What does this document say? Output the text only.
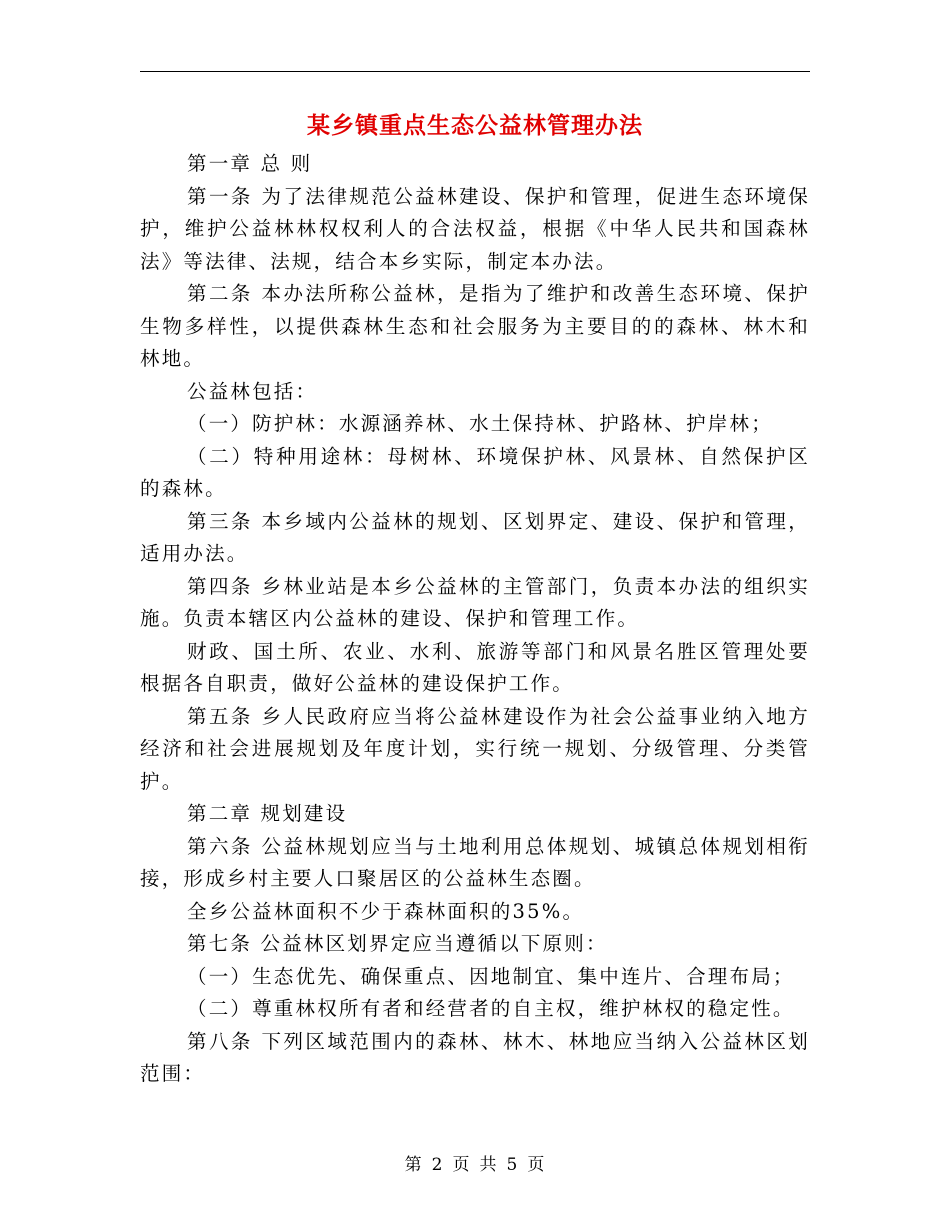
某乡镇重点生态公益林管理办法

第一章 总 则

第一条 为了法律规范公益林建设、保护和管理，促进生态环境保护，维护公益林林权权利人的合法权益，根据《中华人民共和国森林法》等法律、法规，结合本乡实际，制定本办法。

第二条 本办法所称公益林，是指为了维护和改善生态环境、保护生物多样性，以提供森林生态和社会服务为主要目的的森林、林木和林地。

公益林包括：

（一）防护林：水源涵养林、水土保持林、护路林、护岸林；

（二）特种用途林：母树林、环境保护林、风景林、自然保护区的森林。

第三条 本乡域内公益林的规划、区划界定、建设、保护和管理，适用办法。

第四条 乡林业站是本乡公益林的主管部门，负责本办法的组织实施。负责本辖区内公益林的建设、保护和管理工作。

财政、国土所、农业、水利、旅游等部门和风景名胜区管理处要根据各自职责，做好公益林的建设保护工作。

第五条 乡人民政府应当将公益林建设作为社会公益事业纳入地方经济和社会进展规划及年度计划，实行统一规划、分级管理、分类管护。

第二章 规划建设

第六条 公益林规划应当与土地利用总体规划、城镇总体规划相衔接，形成乡村主要人口聚居区的公益林生态圈。

全乡公益林面积不少于森林面积的35%。

第七条 公益林区划界定应当遵循以下原则：

（一）生态优先、确保重点、因地制宜、集中连片、合理布局；

（二）尊重林权所有者和经营者的自主权，维护林权的稳定性。

第八条 下列区域范围内的森林、林木、林地应当纳入公益林区划范围：

第 2 页 共 5 页
